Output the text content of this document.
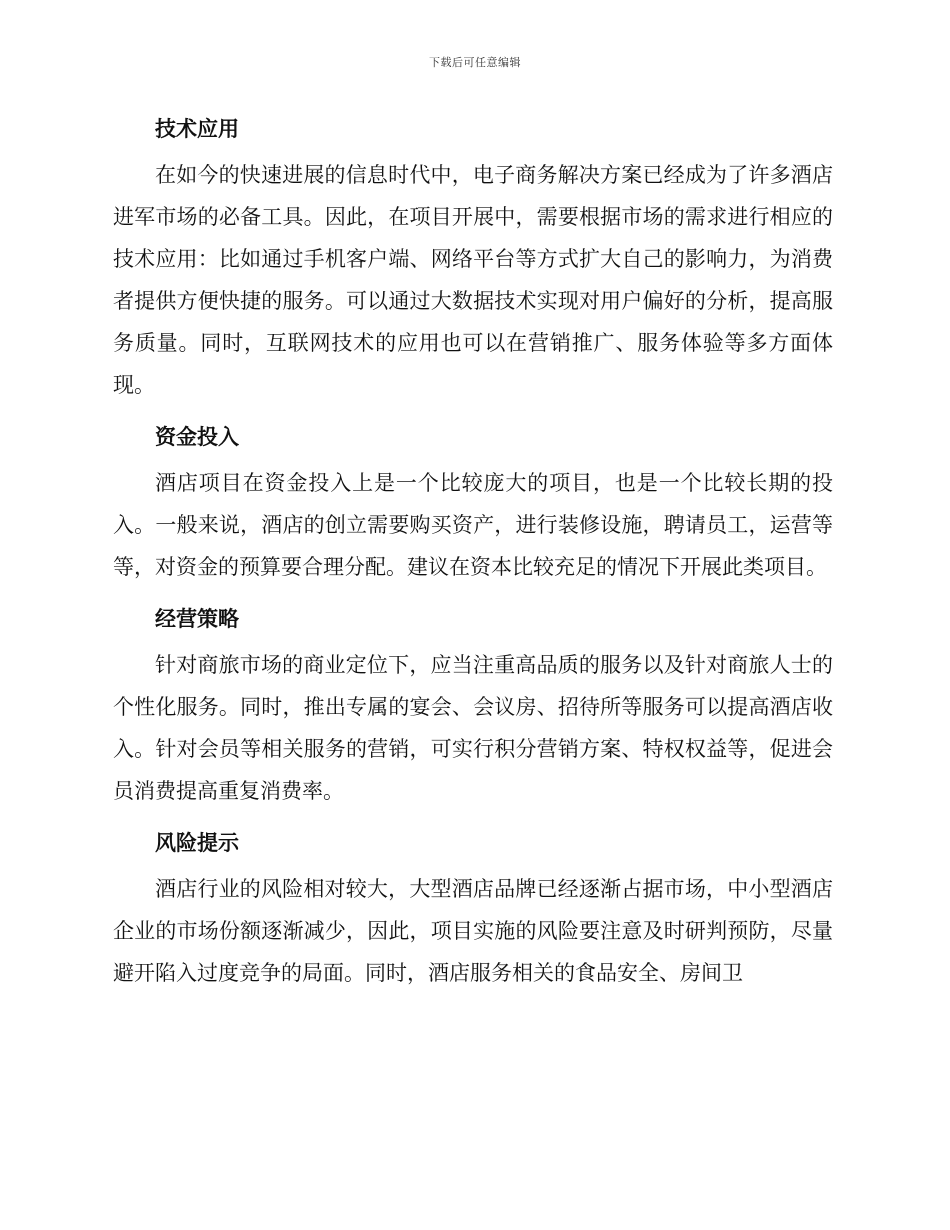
下载后可任意编辑
技术应用

在如今的快速进展的信息时代中，电子商务解决方案已经成为了许多酒店进军市场的必备工具。因此，在项目开展中，需要根据市场的需求进行相应的技术应用：比如通过手机客户端、网络平台等方式扩大自己的影响力，为消费者提供方便快捷的服务。可以通过大数据技术实现对用户偏好的分析，提高服务质量。同时，互联网技术的应用也可以在营销推广、服务体验等多方面体现。

资金投入

酒店项目在资金投入上是一个比较庞大的项目，也是一个比较长期的投入。一般来说，酒店的创立需要购买资产，进行装修设施，聘请员工，运营等等，对资金的预算要合理分配。建议在资本比较充足的情况下开展此类项目。

经营策略

针对商旅市场的商业定位下，应当注重高品质的服务以及针对商旅人士的个性化服务。同时，推出专属的宴会、会议房、招待所等服务可以提高酒店收入。针对会员等相关服务的营销，可实行积分营销方案、特权权益等，促进会员消费提高重复消费率。

风险提示

酒店行业的风险相对较大，大型酒店品牌已经逐渐占据市场，中小型酒店企业的市场份额逐渐减少，因此，项目实施的风险要注意及时研判预防，尽量避开陷入过度竞争的局面。同时，酒店服务相关的食品安全、房间卫
